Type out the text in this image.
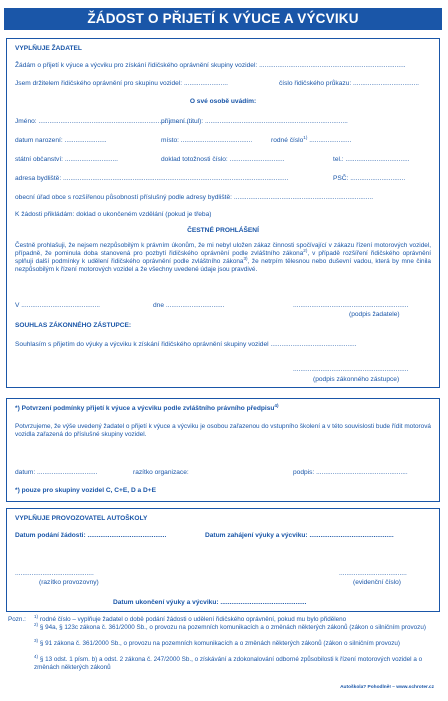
ŽÁDOST O PŘIJETÍ K VÝUCE A VÝCVIKU
VYPLŇUJE ŽADATEL
Žádám o přijetí k výuce a výcviku pro získání řidičského oprávnění skupiny vozidel: ................................................................................
Jsem držitelem řidičského oprávnění pro skupinu vozidel: ........................	číslo řidičského průkazu: ....................................
O své osobě uvádím:
Jméno: .......................................................................................
příjmení (titul): ..............................................................................
datum narození: .......................	místo: .......................................	rodné číslo$^{1)}$ .......................
státní občanství: .............................	doklad totožnosti číslo: ..............................	tel.: ...................................
adresa bydliště: ...........................................................................................................................	PSČ: ..............................
obecní úřad obce s rozšířenou působností příslušný podle adresy bydliště: ............................................................................
K žádosti přikládám: doklad o ukončeném vzdělání (pokud je třeba)
ČESTNÉ PROHLÁŠENÍ
Čestně prohlašuji, že nejsem nezpůsobilým k právním úkonům, že mi nebyl uložen zákaz činnosti spočívající v zákazu řízení motorových vozidel, případně, že pominula doba stanovená pro pozbytí řidičského oprávnění podle zvláštního zákona$^{2)}$, v případě rozšíření řidičského oprávnění splňuji další podmínky k udělení řidičského oprávnění podle zvláštního zákona$^{3)}$, že netrpím tělesnou nebo duševní vadou, která by mne činila nezpůsobilým k řízení motorových vozidel a že všechny uvedené údaje jsou pravdivé.
V ...........................................	dne ................................	...............................................................
(podpis žadatele)
SOUHLAS ZÁKONNÉHO ZÁSTUPCE:
Souhlasím s přijetím do výuky a výcviku k získání řidičského oprávnění skupiny vozidel ...............................................
...............................................................
(podpis zákonného zástupce)
*) Potvrzení podmínky přijetí k výuce a výcviku podle zvláštního právního předpisu$^{4)}$
Potvrzujeme, že výše uvedený žadatel o přijetí k výuce a výcviku je osobou zařazenou do vstupního školení a v této souvislosti bude řídit motorová vozidla zařazená do příslušné skupiny vozidel.
datum: .................................	razítko organizace:	podpis: ..................................................
*) pouze pro skupiny vozidel C, C+E, D a D+E
VYPLŇUJE PROVOZOVATEL AUTOŠKOLY
Datum podání žádosti: ...........................................	Datum zahájení výuky a výcviku: ..............................................
...........................................
(razítko provozovny)
.....................................
(evidenční číslo)
Datum ukončení výuky a výcviku: ...............................................
Pozn.: $^{1)}$ rodné číslo – vyplňuje žadatel o době podání žádosti o udělení řidičského oprávnění, pokud mu bylo přiděleno
$^{2)}$ § 94a, § 123c zákona č. 361/2000 Sb., o provozu na pozemních komunikacích a o změnách některých zákonů (zákon o silničním provozu)
$^{3)}$ § 91 zákona č. 361/2000 Sb., o provozu na pozemních komunikacích a o změnách některých zákonů (zákon o silničním provozu)
$^{4)}$ § 13 odst. 1 písm. b) a odst. 2 zákona č. 247/2000 Sb., o získávání a zdokonalování odborné způsobilosti k řízení motorových vozidel a o změnách některých zákonů
Autoškola? Pohodlně! – www.schroter.cz
